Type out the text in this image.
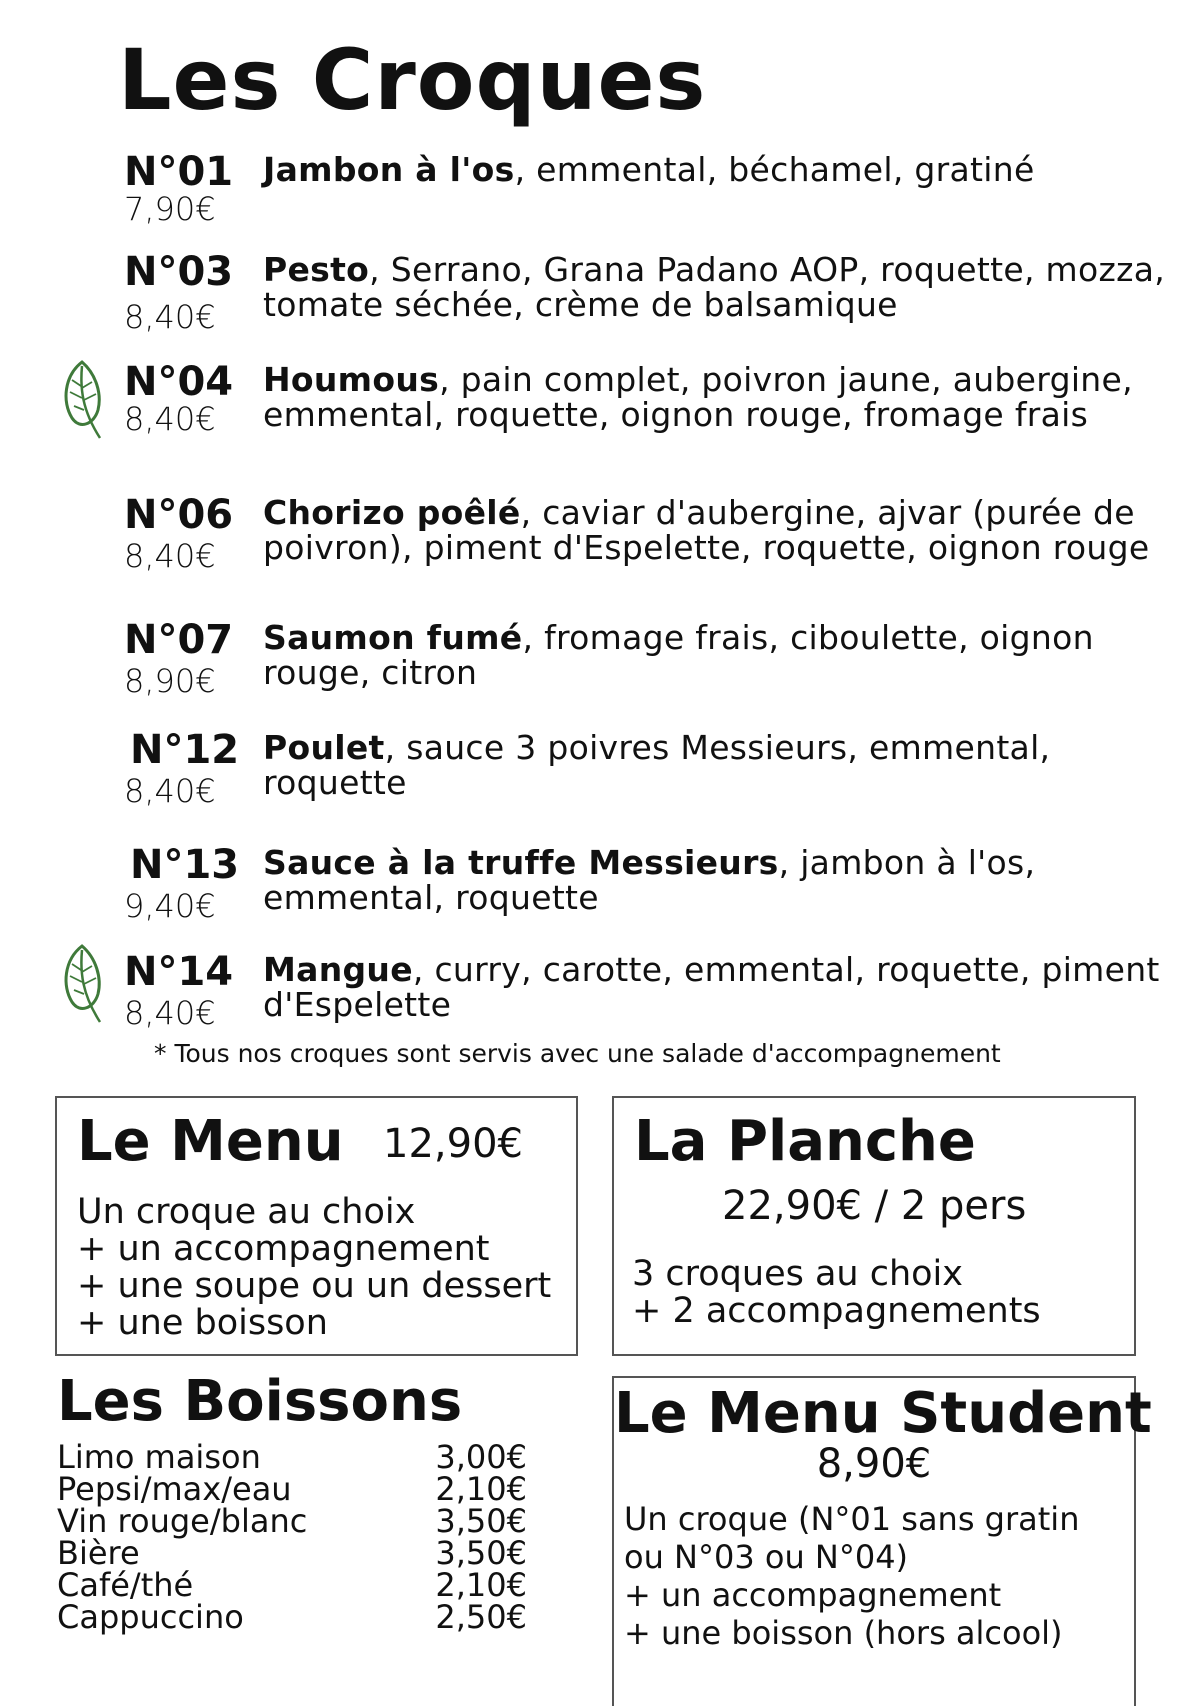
Les Croques
N°01
7,90€
Jambon à l'os, emmental, béchamel, gratiné
N°03
8,40€
Pesto, Serrano, Grana Padano AOP, roquette, mozza, tomate séchée, crème de balsamique
N°04
8,40€
Houmous, pain complet, poivron jaune, aubergine, emmental, roquette, oignon rouge, fromage frais
N°06
8,40€
Chorizo poêlé, caviar d'aubergine, ajvar (purée de poivron), piment d'Espelette, roquette, oignon rouge
N°07
8,90€
Saumon fumé, fromage frais, ciboulette, oignon rouge, citron
N°12
8,40€
Poulet, sauce 3 poivres Messieurs, emmental, roquette
N°13
9,40€
Sauce à la truffe Messieurs, jambon à l'os, emmental, roquette
N°14
8,40€
Mangue, curry, carotte, emmental, roquette, piment d'Espelette
* Tous nos croques sont servis avec une salade d'accompagnement
Le Menu 12,90€
Un croque au choix
+ un accompagnement
+ une soupe ou un dessert
+ une boisson
La Planche
22,90€ / 2 pers
3 croques au choix
+ 2 accompagnements
Les Boissons
Limo maison	3,00€
Pepsi/max/eau	2,10€
Vin rouge/blanc	3,50€
Bière	3,50€
Café/thé	2,10€
Cappuccino	2,50€
Le Menu Student
8,90€
Un croque (N°01 sans gratin
ou N°03 ou N°04)
+ un accompagnement
+ une boisson (hors alcool)
